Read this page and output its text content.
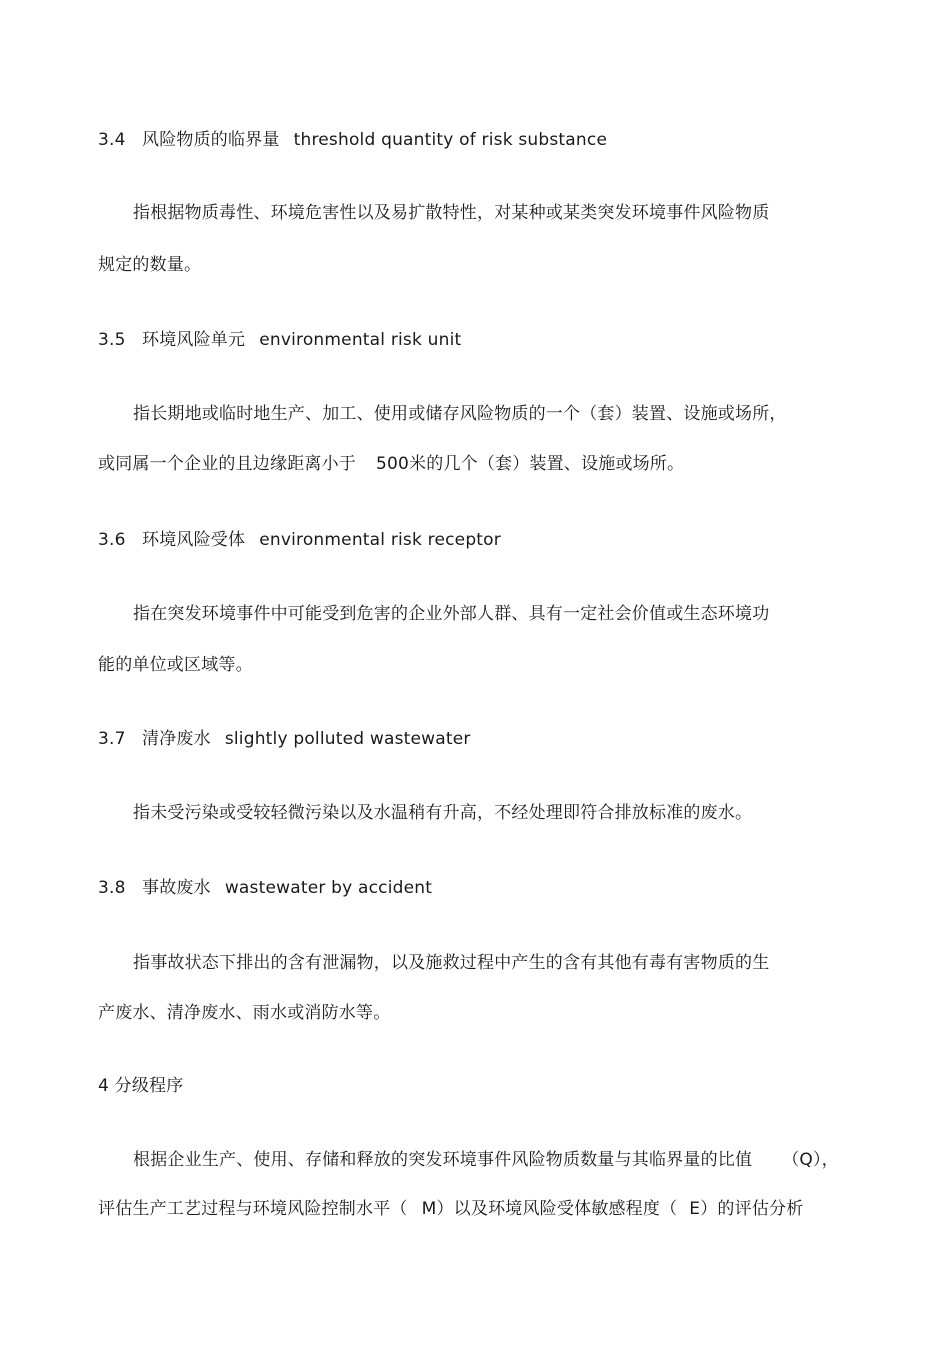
3.4 风险物质的临界量 threshold quantity of risk substance
指根据物质毒性、环境危害性以及易扩散特性，对某种或某类突发环境事件风险物质
规定的数量。
3.5 环境风险单元 environmental risk unit
指长期地或临时地生产、加工、使用或储存风险物质的一个（套）装置、设施或场所，
或同属一个企业的且边缘距离小于 500米的几个（套）装置、设施或场所。
3.6 环境风险受体 environmental risk receptor
指在突发环境事件中可能受到危害的企业外部人群、具有一定社会价值或生态环境功
能的单位或区域等。
3.7 清净废水 slightly polluted wastewater
指未受污染或受较轻微污染以及水温稍有升高，不经处理即符合排放标准的废水。
3.8 事故废水 wastewater by accident
指事故状态下排出的含有泄漏物，以及施救过程中产生的含有其他有毒有害物质的生
产废水、清净废水、雨水或消防水等。
4 分级程序
根据企业生产、使用、存储和释放的突发环境事件风险物质数量与其临界量的比值 （Q），
评估生产工艺过程与环境风险控制水平（ M）以及环境风险受体敏感程度（ E）的评估分析
